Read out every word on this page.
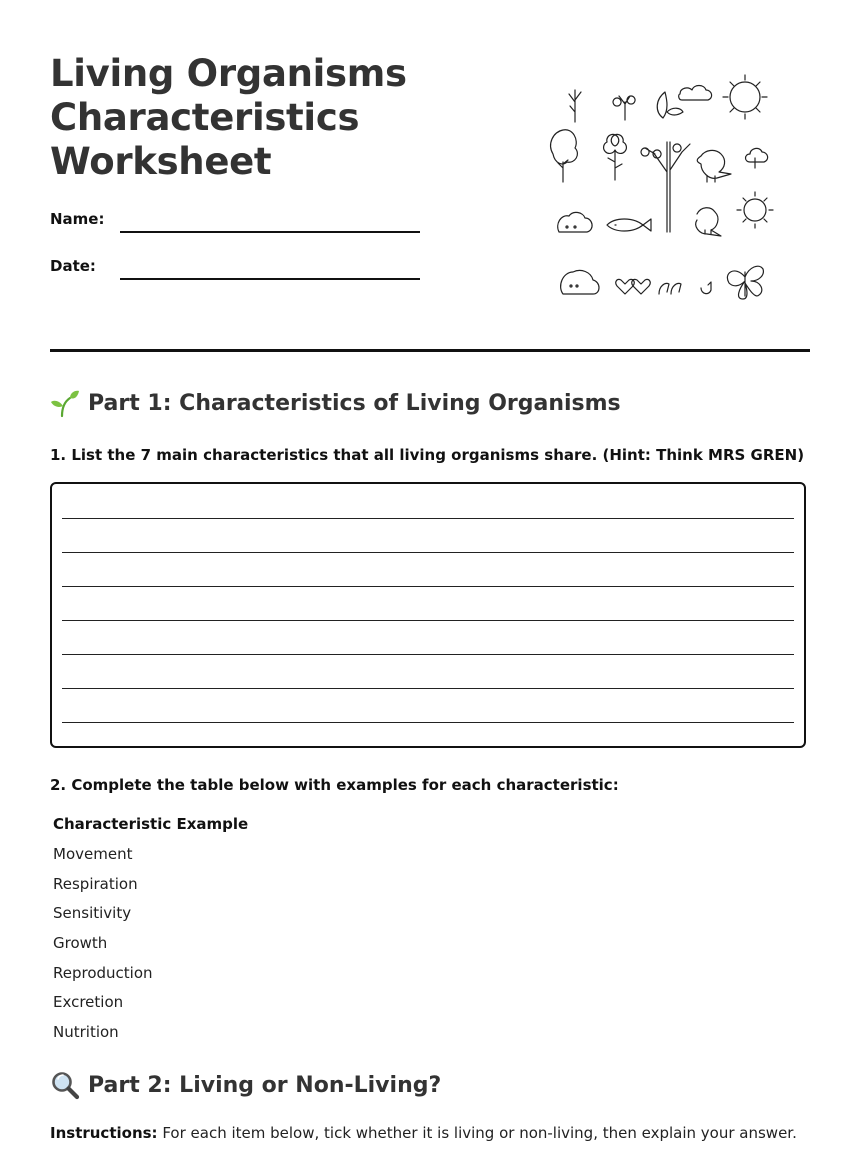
Living Organisms
Characteristics
Worksheet
Name:
Date:
Part 1: Characteristics of Living Organisms
1. List the 7 main characteristics that all living organisms share. (Hint: Think MRS GREN)
2. Complete the table below with examples for each characteristic:
Characteristic Example
Movement
Respiration
Sensitivity
Growth
Reproduction
Excretion
Nutrition
Part 2: Living or Non-Living?
Instructions: For each item below, tick whether it is living or non-living, then explain your answer.
